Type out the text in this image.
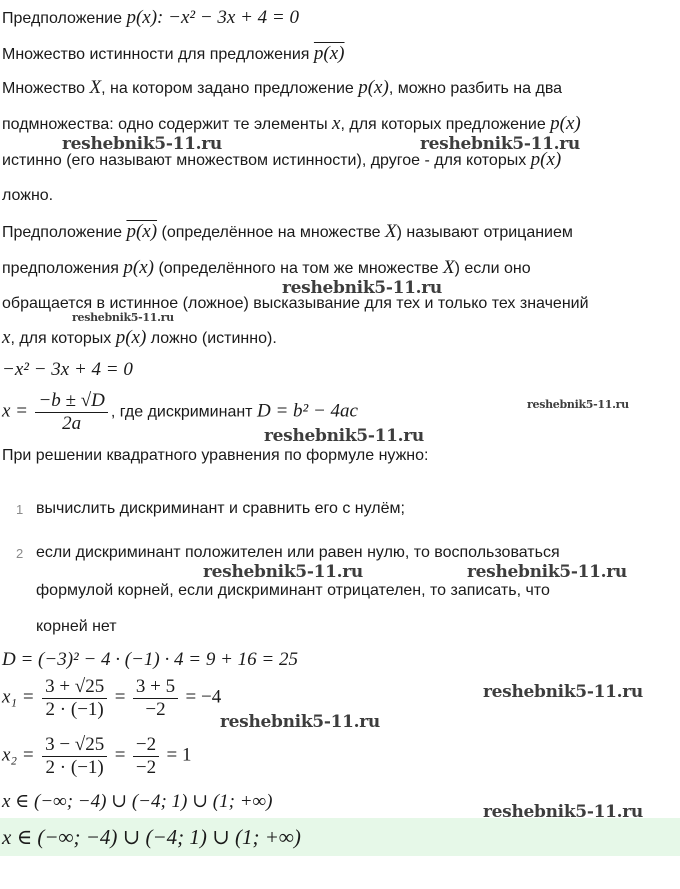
Предположение p(x): −x² − 3x + 4 = 0
Множество истинности для предложения p(x)
Множество X, на котором задано предложение p(x), можно разбить на два
подмножества: одно содержит те элементы x, для которых предложение p(x)
истинно (его называют множеством истинности), другое - для которых p(x)
ложно.
Предположение p(x) (определённое на множестве X) называют отрицанием
предположения p(x) (определённого на том же множестве X) если оно
обращается в истинное (ложное) высказывание для тех и только тех значений
x, для которых p(x) ложно (истинно).
−x² − 3x + 4 = 0
$x = \frac{-b \pm √D}{2a}$ , где дискриминант D = b² − 4ac
При решении квадратного уравнения по формуле нужно:
1 вычислить дискриминант и сравнить его с нулём;
2 если дискриминант положителен или равен нулю, то воспользоваться
формулой корней, если дискриминант отрицателен, то записать, что
корней нет
D = (−3)² − 4 · (−1) · 4 = 9 + 16 = 25
$x_1 = \frac{3 + √25}{2 \cdot (-1)} = \frac{3 + 5}{-2} = -4$
$x_2 = \frac{3 - √25}{2 \cdot (-1)} = \frac{-2}{-2} = 1$
x ∈ (−∞; −4) ∪ (−4; 1) ∪ (1; +∞)
x ∈ (−∞; −4) ∪ (−4; 1) ∪ (1; +∞)
reshebnik5-11.ru	reshebnik5-11.ru
reshebnik5-11.ru
reshebnik5-11.ru
reshebnik5-11.ru
reshebnik5-11.ru
reshebnik5-11.ru	reshebnik5-11.ru
reshebnik5-11.ru
reshebnik5-11.ru
reshebnik5-11.ru
